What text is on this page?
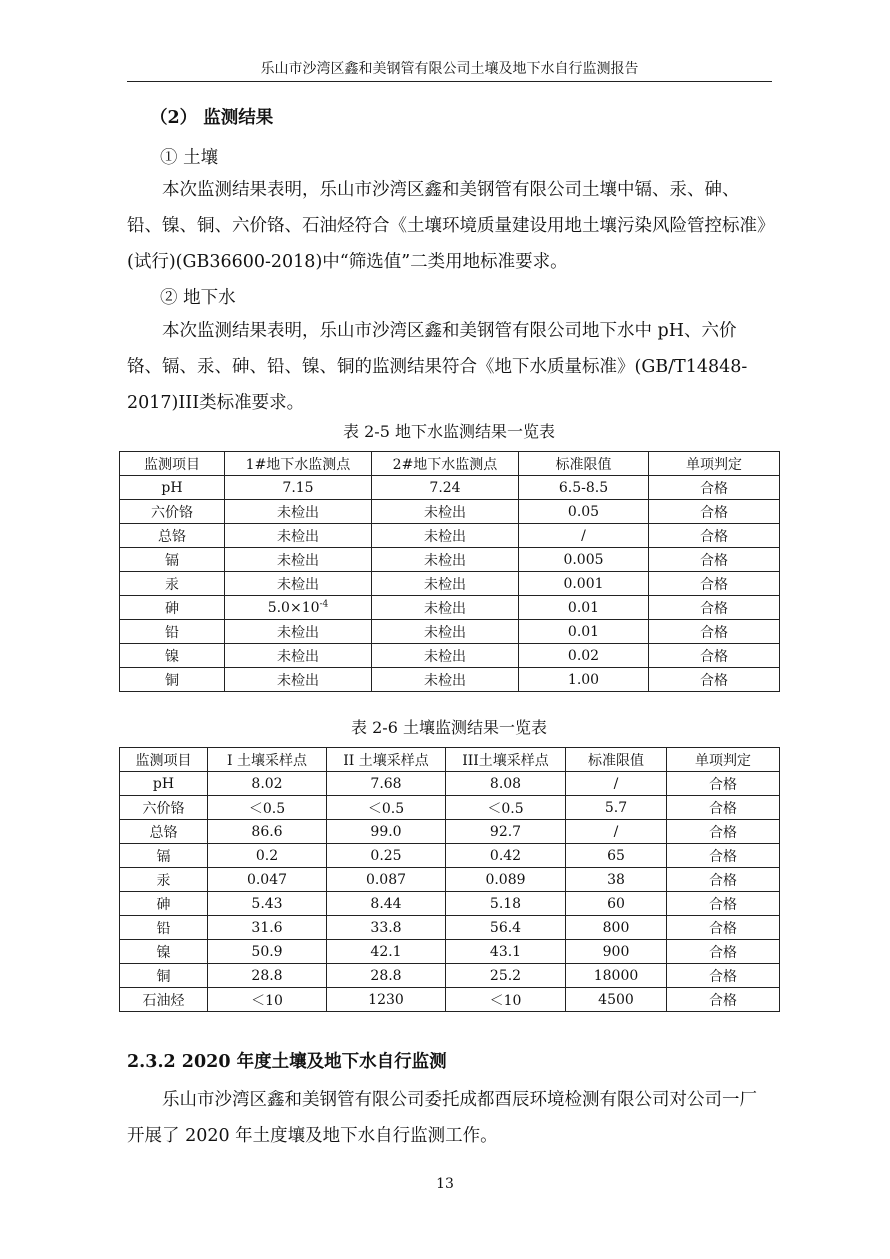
乐山市沙湾区鑫和美钢管有限公司土壤及地下水自行监测报告
（2） 监测结果
① 土壤

本次监测结果表明，乐山市沙湾区鑫和美钢管有限公司土壤中镉、汞、砷、铅、镍、铜、六价铬、石油烃符合《土壤环境质量建设用地土壤污染风险管控标准》(试行)(GB36600-2018)中“筛选值”二类用地标准要求。

② 地下水

本次监测结果表明，乐山市沙湾区鑫和美钢管有限公司地下水中 pH、六价铬、镉、汞、砷、铅、镍、铜的监测结果符合《地下水质量标准》(GB/T14848-2017)III类标准要求。

表 2-5 地下水监测结果一览表
监测项目	1#地下水监测点	2#地下水监测点	标准限值	单项判定
pH	7.15	7.24	6.5-8.5	合格
六价铬	未检出	未检出	0.05	合格
总铬	未检出	未检出	/	合格
镉	未检出	未检出	0.005	合格
汞	未检出	未检出	0.001	合格
砷	$5.0\times 10^{-4}$	未检出	0.01	合格
铅	未检出	未检出	0.01	合格
镍	未检出	未检出	0.02	合格
铜	未检出	未检出	1.00	合格
表 2-6 土壤监测结果一览表
监测项目	I 土壤采样点	II 土壤采样点	III土壤采样点	标准限值	单项判定
pH	8.02	7.68	8.08	/	合格
六价铬	＜0.5	＜0.5	＜0.5	5.7	合格
总铬	86.6	99.0	92.7	/	合格
镉	0.2	0.25	0.42	65	合格
汞	0.047	0.087	0.089	38	合格
砷	5.43	8.44	5.18	60	合格
铅	31.6	33.8	56.4	800	合格
镍	50.9	42.1	43.1	900	合格
铜	28.8	28.8	25.2	18000	合格
石油烃	＜10	1230	＜10	4500	合格
2.3.2 2020 年度土壤及地下水自行监测

乐山市沙湾区鑫和美钢管有限公司委托成都酉辰环境检测有限公司对公司一厂开展了 2020 年土度壤及地下水自行监测工作。

13
